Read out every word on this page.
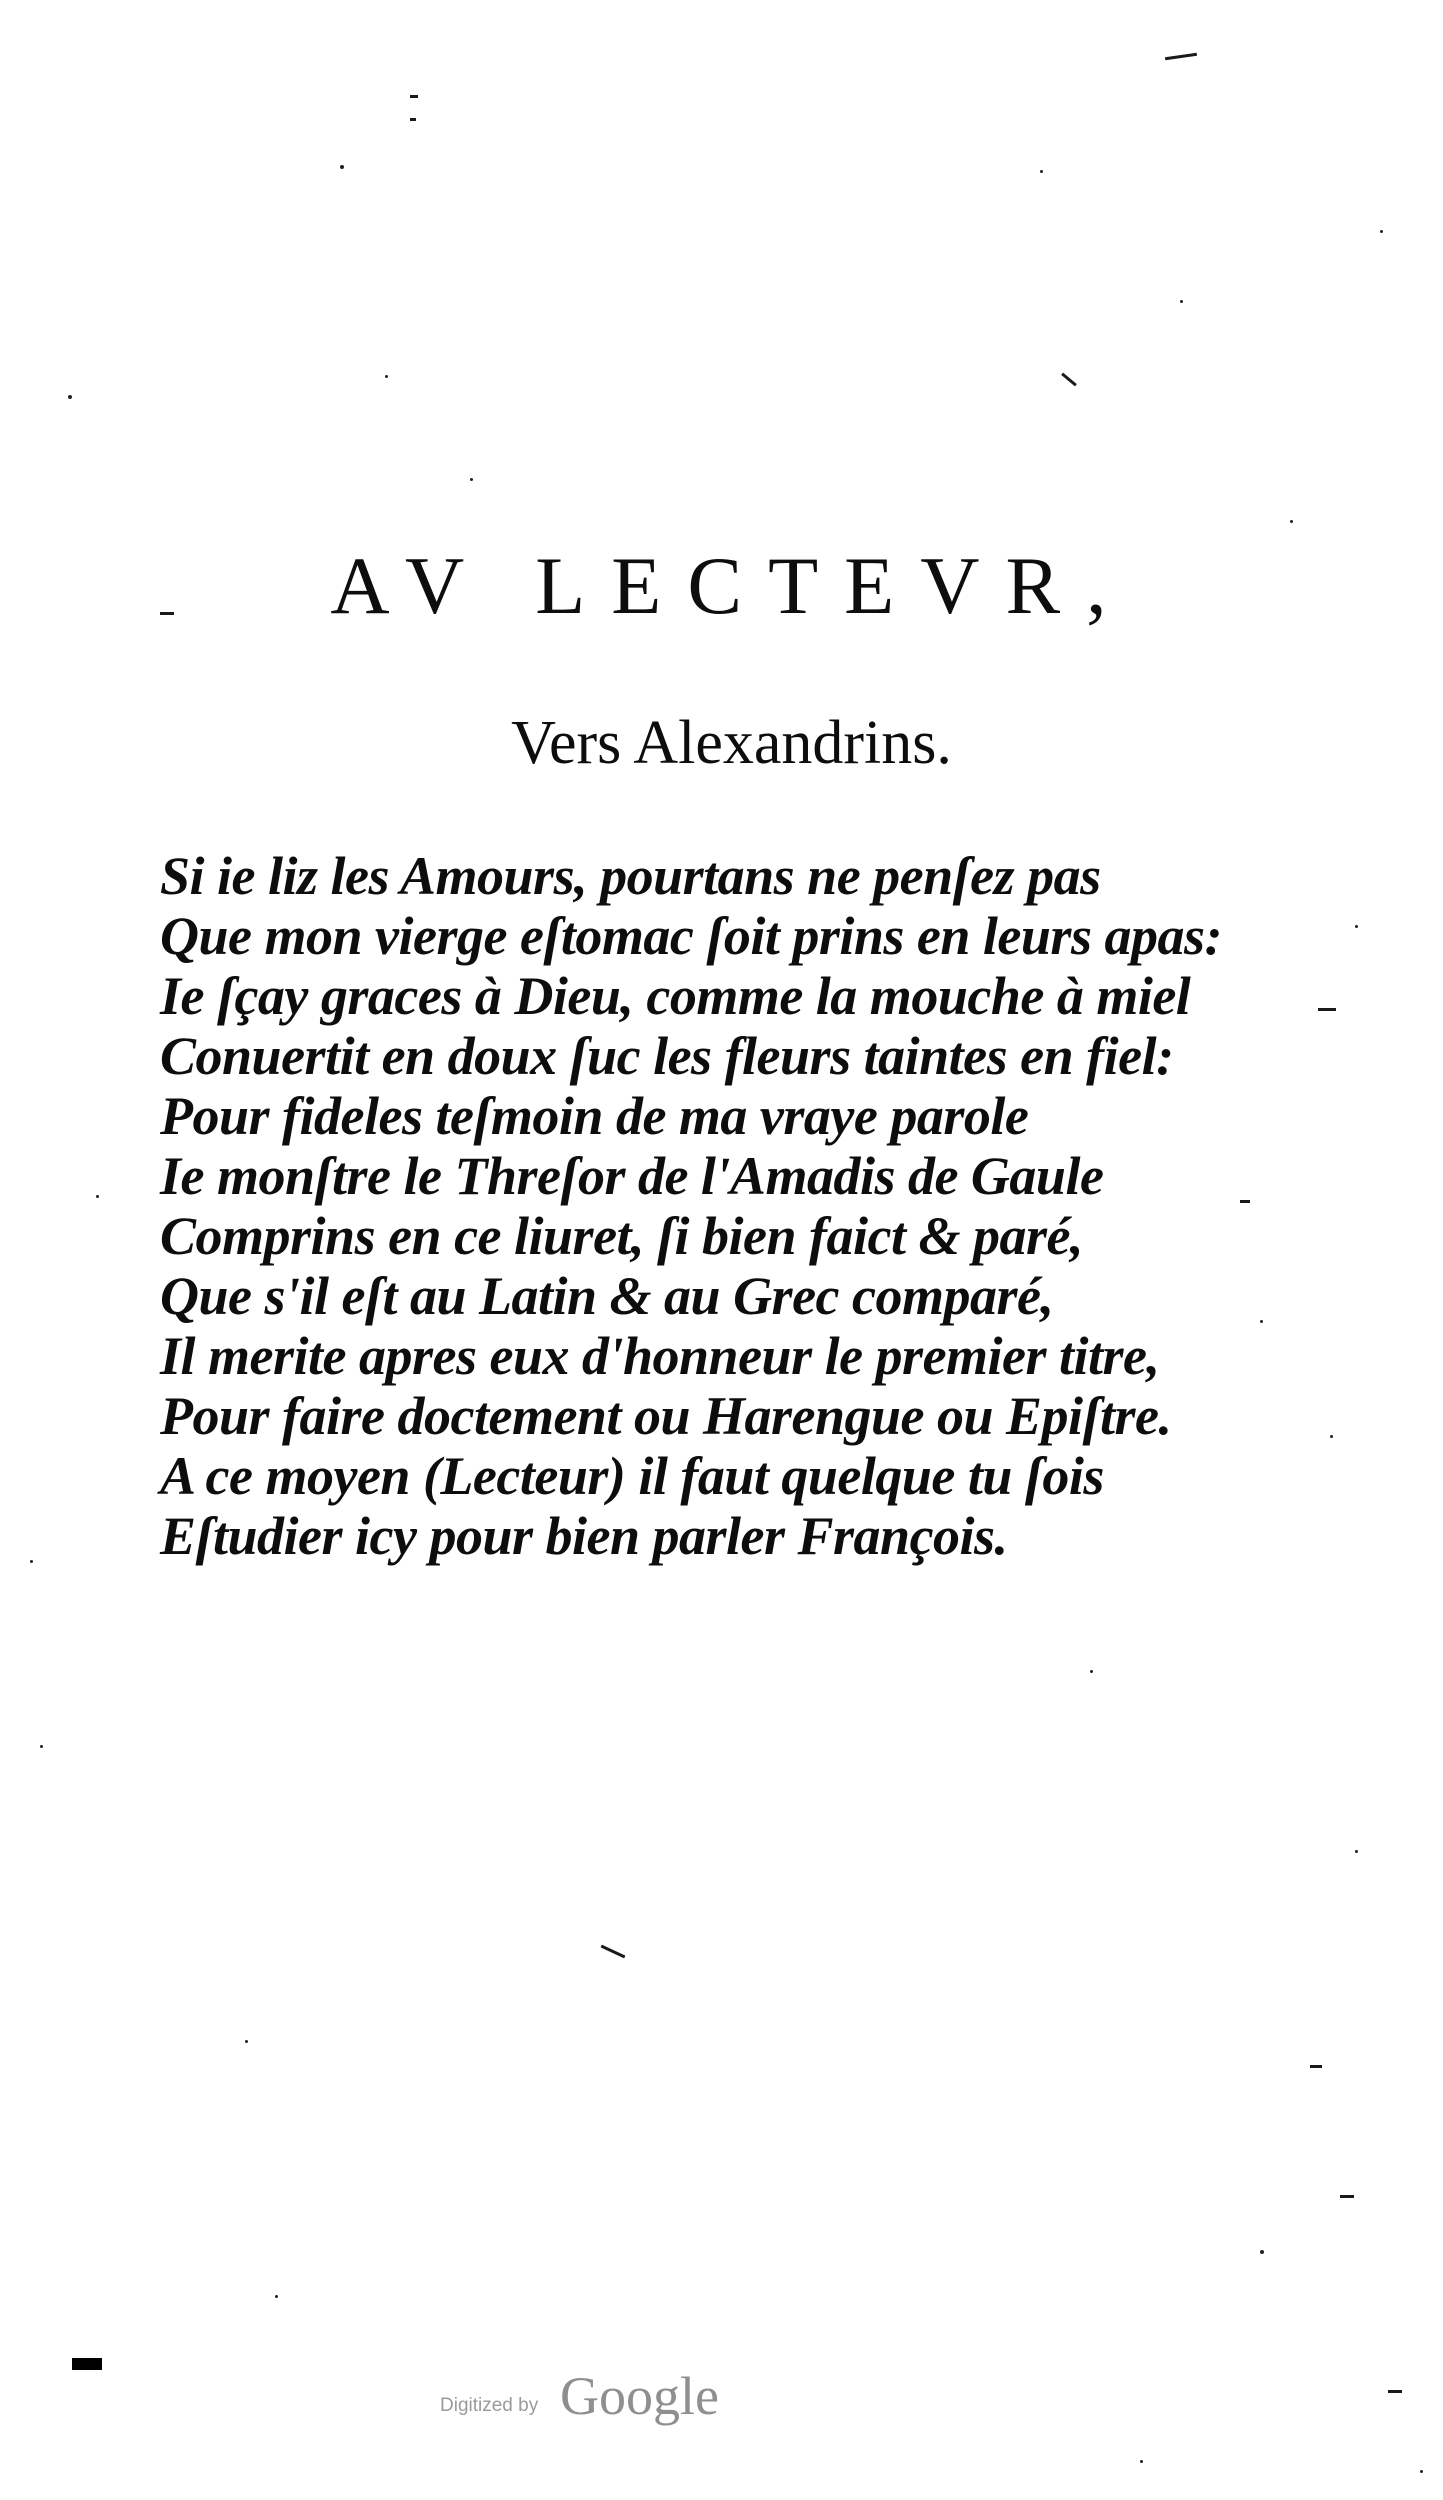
AV LECTEVR,
Vers Alexandrins.
Si ie liz les Amours, pourtans ne penſez pas
Que mon vierge eſtomac ſoit prins en leurs apas:
Ie ſçay graces à Dieu, comme la mouche à miel
Conuertit en doux ſuc les fleurs taintes en fiel:
Pour fideles teſmoin de ma vraye parole
Ie monſtre le Threſor de l'Amadis de Gaule
Comprins en ce liuret, ſi bien faict & paré,
Que s'il eſt au Latin & au Grec comparé,
Il merite apres eux d'honneur le premier titre,
Pour faire doctement ou Harengue ou Epiſtre.
A ce moyen (Lecteur) il faut quelque tu ſois
Eſtudier icy pour bien parler François.
Digitized by Google
